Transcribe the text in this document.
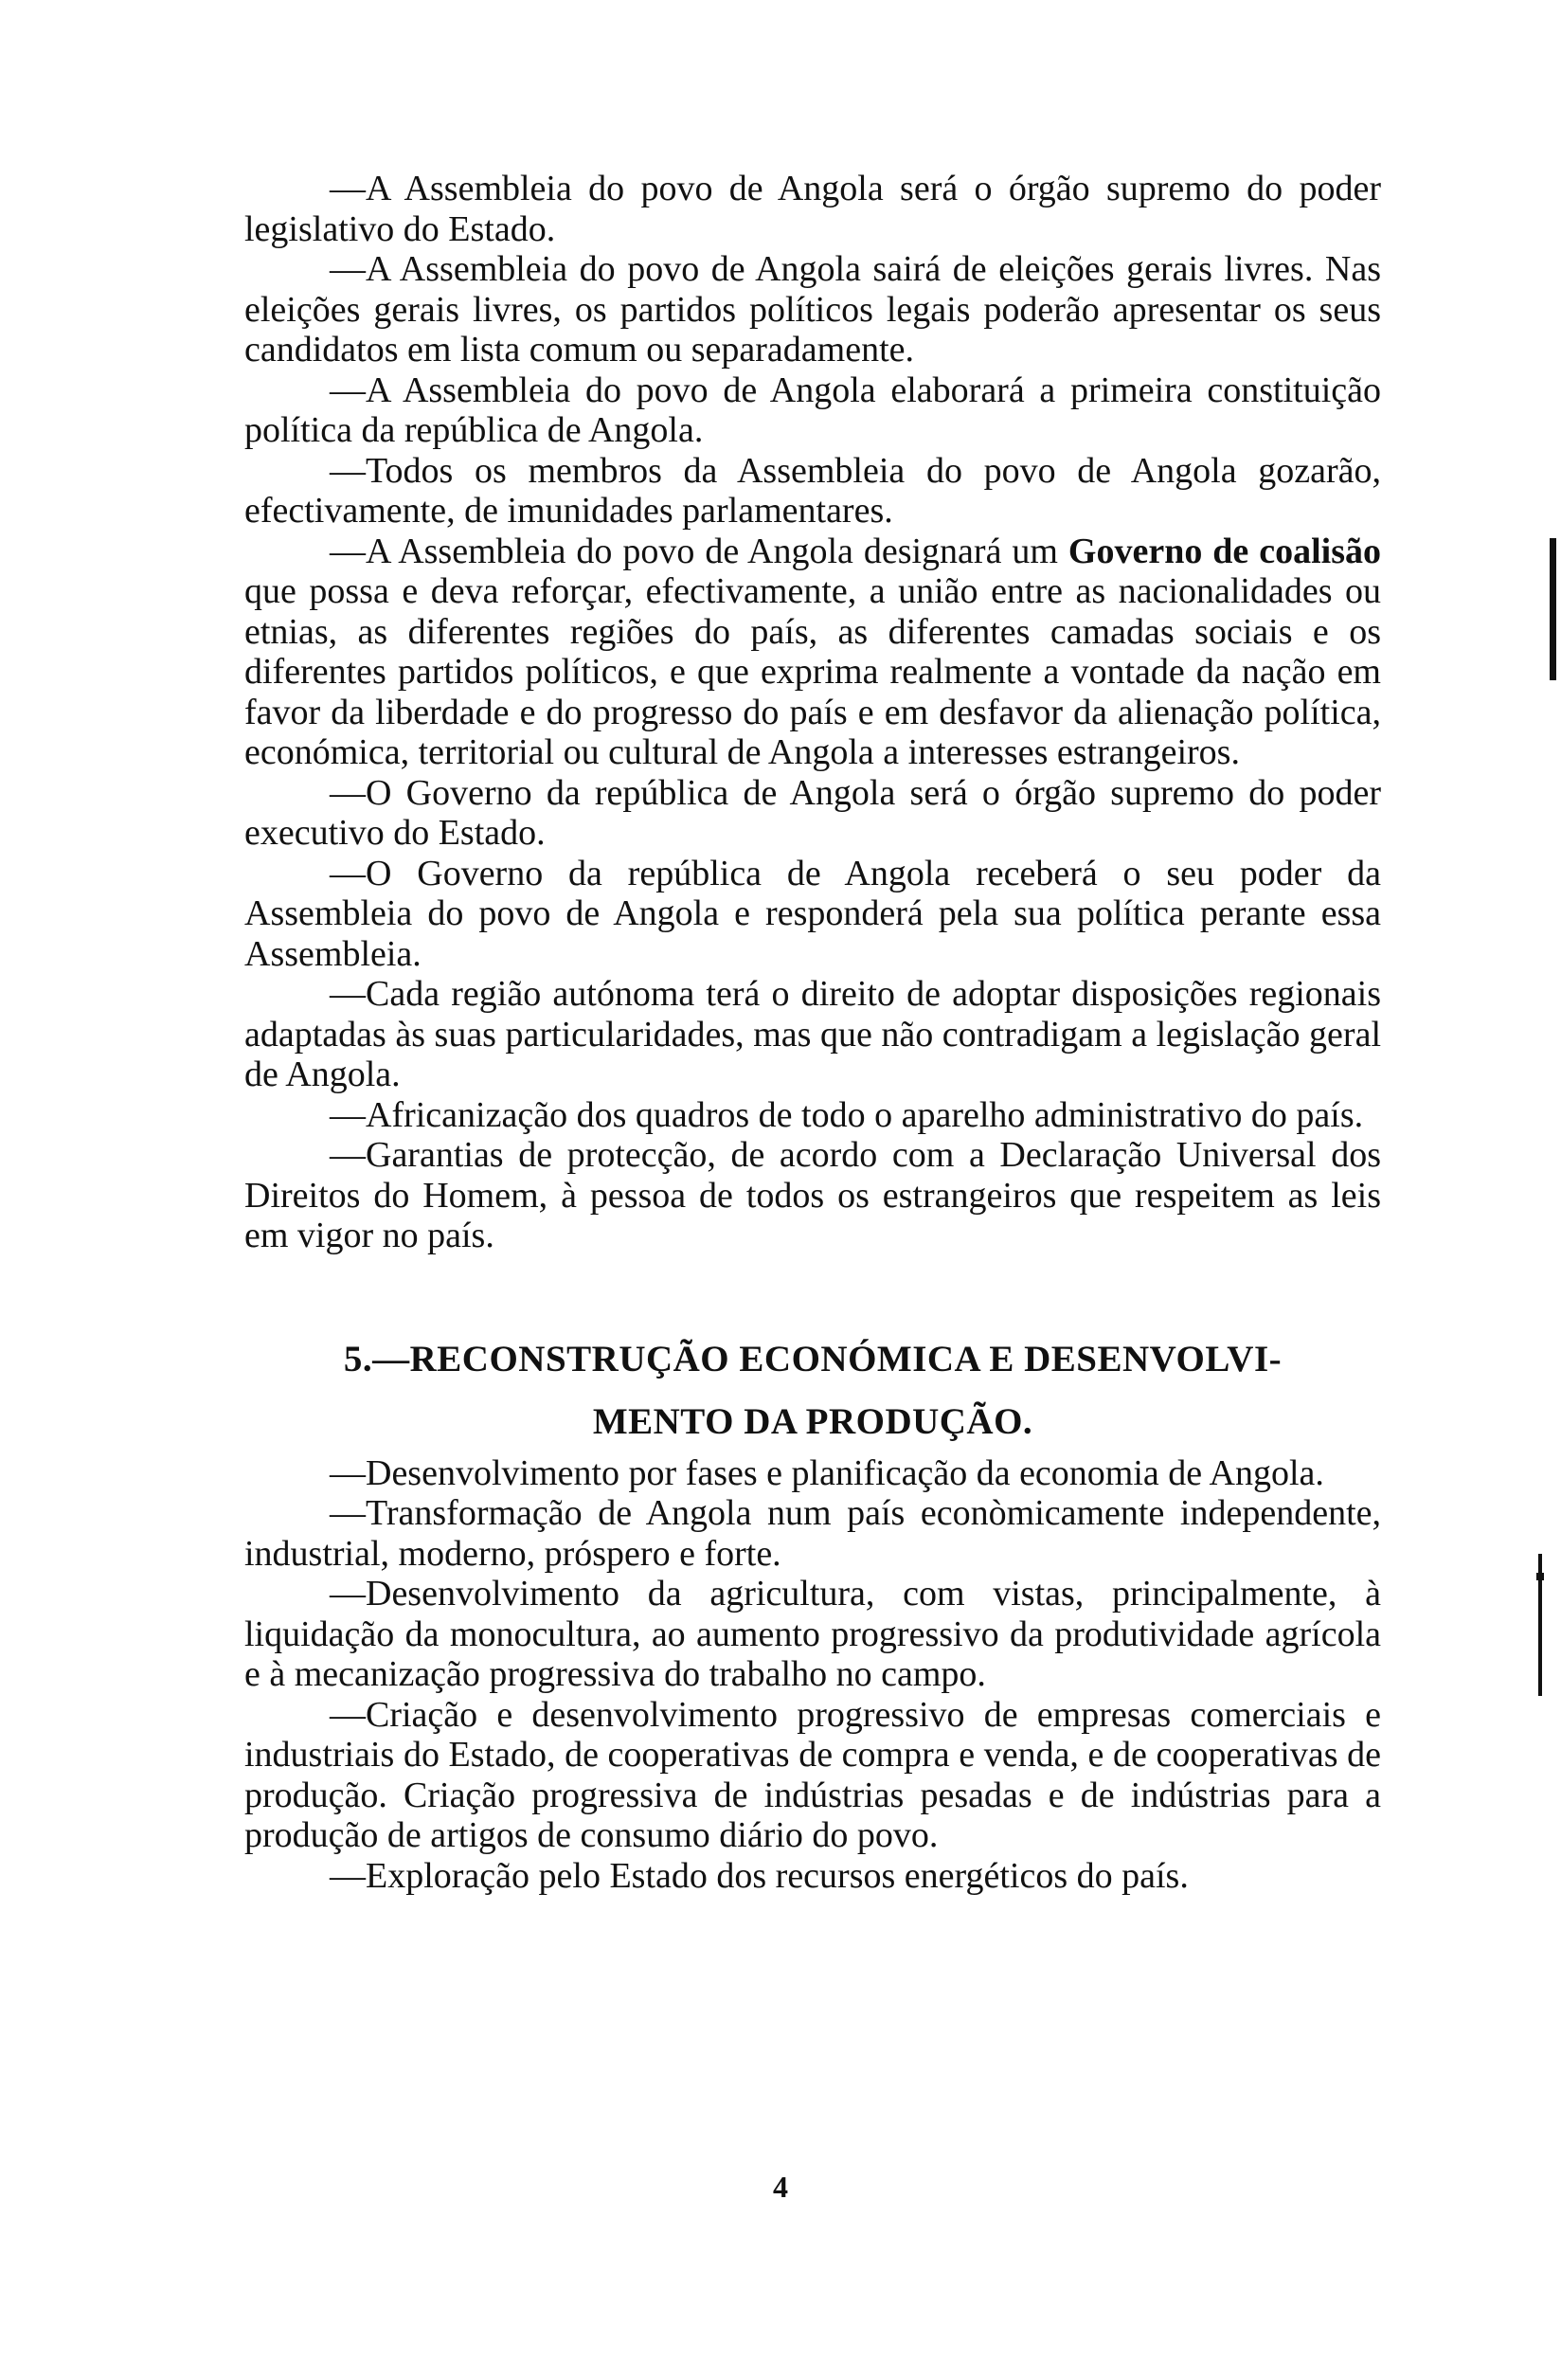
—A Assembleia do povo de Angola será o órgão supremo do poder legislativo do Estado.

—A Assembleia do povo de Angola sairá de eleições gerais livres. Nas eleições gerais livres, os partidos políticos legais poderão apresentar os seus candidatos em lista comum ou separadamente.

—A Assembleia do povo de Angola elaborará a primeira constituição política da república de Angola.

—Todos os membros da Assembleia do povo de Angola gozarão, efectivamente, de imunidades parlamentares.

—A Assembleia do povo de Angola designará um Governo de coalisão que possa e deva reforçar, efectivamente, a união entre as nacionalidades ou etnias, as diferentes regiões do país, as diferentes camadas sociais e os diferentes partidos políticos, e que exprima realmente a vontade da nação em favor da liberdade e do progresso do país e em desfavor da alienação política, económica, territorial ou cultural de Angola a interesses estrangeiros.

—O Governo da república de Angola será o órgão supremo do poder executivo do Estado.

—O Governo da república de Angola receberá o seu poder da Assembleia do povo de Angola e responderá pela sua política perante essa Assembleia.

—Cada região autónoma terá o direito de adoptar disposições regionais adaptadas às suas particularidades, mas que não contradigam a legislação geral de Angola.

—Africanização dos quadros de todo o aparelho administrativo do país.

—Garantias de protecção, de acordo com a Declaração Universal dos Direitos do Homem, à pessoa de todos os estrangeiros que respeitem as leis em vigor no país.

5.—RECONSTRUÇÃO ECONÓMICA E DESENVOLVI-
MENTO DA PRODUÇÃO.

—Desenvolvimento por fases e planificação da economia de Angola.

—Transformação de Angola num país econòmicamente independente, industrial, moderno, próspero e forte.

—Desenvolvimento da agricultura, com vistas, principalmente, à liquidação da monocultura, ao aumento progressivo da produtividade agrícola e à mecanização progressiva do trabalho no campo.

—Criação e desenvolvimento progressivo de empresas comerciais e industriais do Estado, de cooperativas de compra e venda, e de cooperativas de produção. Criação progressiva de indústrias pesadas e de indústrias para a produção de artigos de consumo diário do povo.

—Exploração pelo Estado dos recursos energéticos do país.

4
